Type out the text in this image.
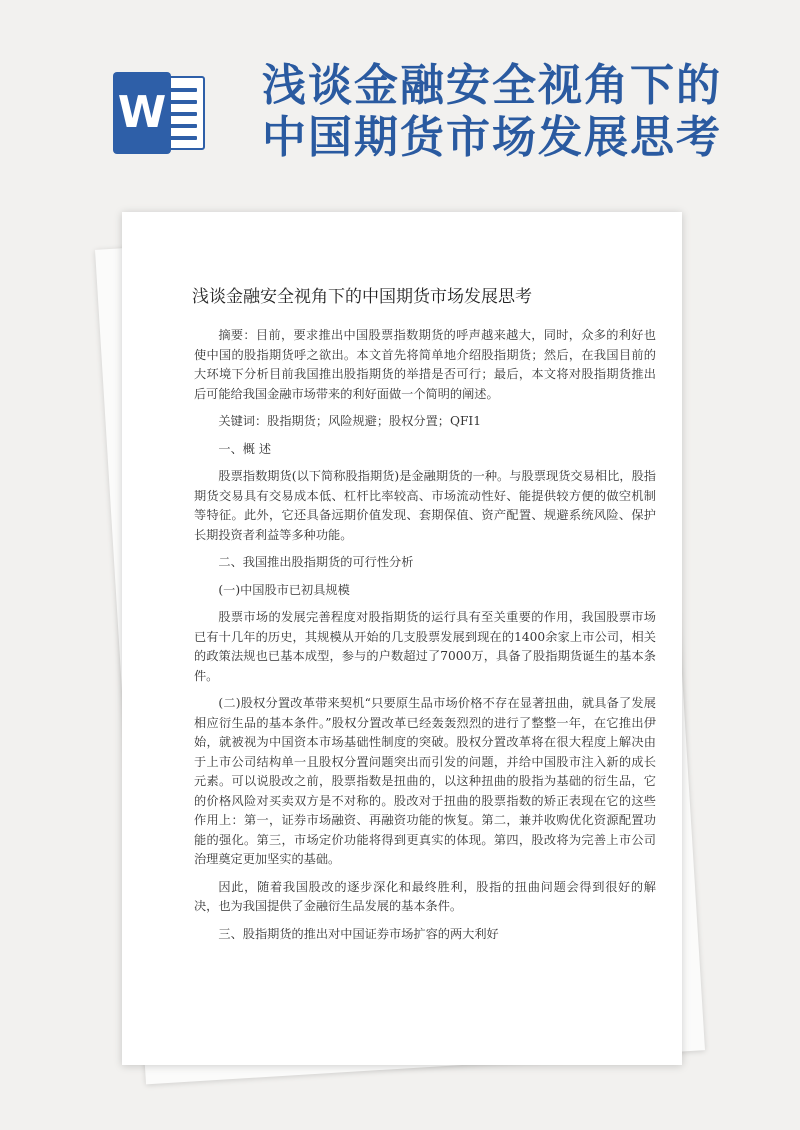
W
浅谈金融安全视角下的
中国期货市场发展思考
浅谈金融安全视角下的中国期货市场发展思考

摘要：目前，要求推出中国股票指数期货的呼声越来越大，同时，众多的利好也使中国的股指期货呼之欲出。本文首先将简单地介绍股指期货；然后，在我国目前的大环境下分析目前我国推出股指期货的举措是否可行；最后，本文将对股指期货推出后可能给我国金融市场带来的利好面做一个简明的阐述。

关键词：股指期货；风险规避；股权分置；QFI1

一、概 述

股票指数期货(以下简称股指期货)是金融期货的一种。与股票现货交易相比，股指期货交易具有交易成本低、杠杆比率较高、市场流动性好、能提供较方便的做空机制等特征。此外，它还具备远期价值发现、套期保值、资产配置、规避系统风险、保护长期投资者利益等多种功能。

二、我国推出股指期货的可行性分析

(一)中国股市已初具规模

股票市场的发展完善程度对股指期货的运行具有至关重要的作用，我国股票市场已有十几年的历史，其规模从开始的几支股票发展到现在的1400余家上市公司，相关的政策法规也已基本成型，参与的户数超过了7000万，具备了股指期货诞生的基本条件。

(二)股权分置改革带来契机“只要原生品市场价格不存在显著扭曲，就具备了发展相应衍生品的基本条件。”股权分置改革已经轰轰烈烈的进行了整整一年，在它推出伊始，就被视为中国资本市场基础性制度的突破。股权分置改革将在很大程度上解决由于上市公司结构单一且股权分置问题突出而引发的问题，并给中国股市注入新的成长元素。可以说股改之前，股票指数是扭曲的，以这种扭曲的股指为基础的衍生品，它的价格风险对买卖双方是不对称的。股改对于扭曲的股票指数的矫正表现在它的这些作用上：第一，证券市场融资、再融资功能的恢复。第二，兼并收购优化资源配置功能的强化。第三，市场定价功能将得到更真实的体现。第四，股改将为完善上市公司治理奠定更加坚实的基础。

因此，随着我国股改的逐步深化和最终胜利，股指的扭曲问题会得到很好的解决，也为我国提供了金融衍生品发展的基本条件。

三、股指期货的推出对中国证券市场扩容的两大利好
